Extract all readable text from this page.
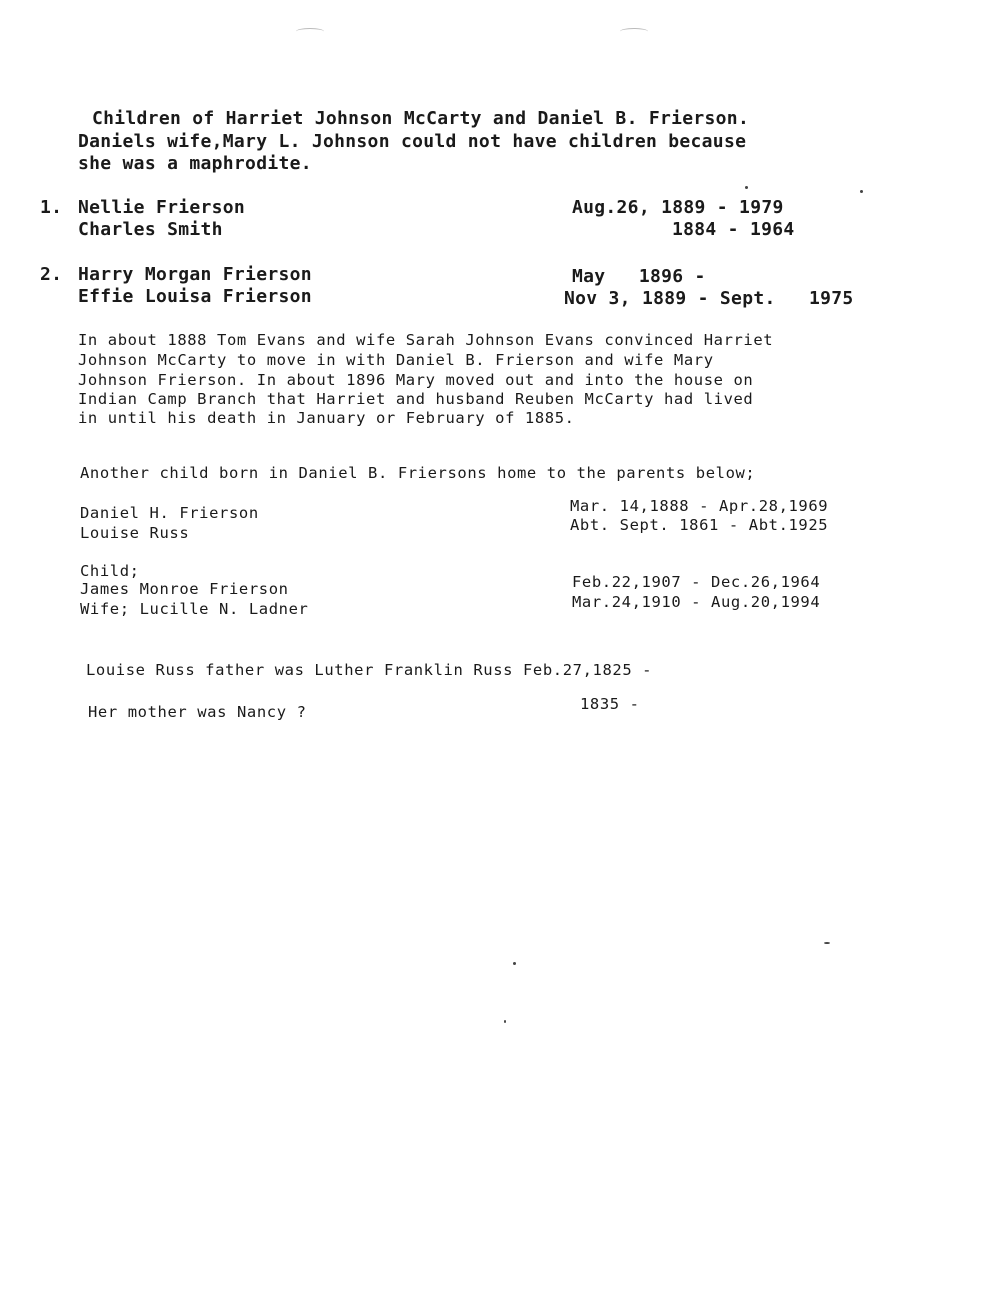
Children of Harriet Johnson McCarty and Daniel B. Frierson.
Daniels wife,Mary L. Johnson could not have children because
she was a maphrodite.
1. Nellie Frierson	Aug.26, 1889 - 1979
Charles Smith	1884 - 1964
2. Harry Morgan Frierson	May   1896 -
Effie Louisa Frierson	Nov 3, 1889 - Sept.   1975
In about 1888 Tom Evans and wife Sarah Johnson Evans convinced Harriet
Johnson McCarty to move in with Daniel B. Frierson and wife Mary
Johnson Frierson. In about 1896 Mary moved out and into the house on
Indian Camp Branch that Harriet and husband Reuben McCarty had lived
in until his death in January or February of 1885.
Another child born in Daniel B. Friersons home to the parents below;
Daniel H. Frierson	Mar. 14,1888 - Apr.28,1969
Louise Russ	Abt. Sept. 1861 - Abt.1925
Child;
James Monroe Frierson	Feb.22,1907 - Dec.26,1964
Wife; Lucille N. Ladner	Mar.24,1910 - Aug.20,1994
Louise Russ father was Luther Franklin Russ Feb.27,1825 -
Her mother was Nancy ?	1835 -
